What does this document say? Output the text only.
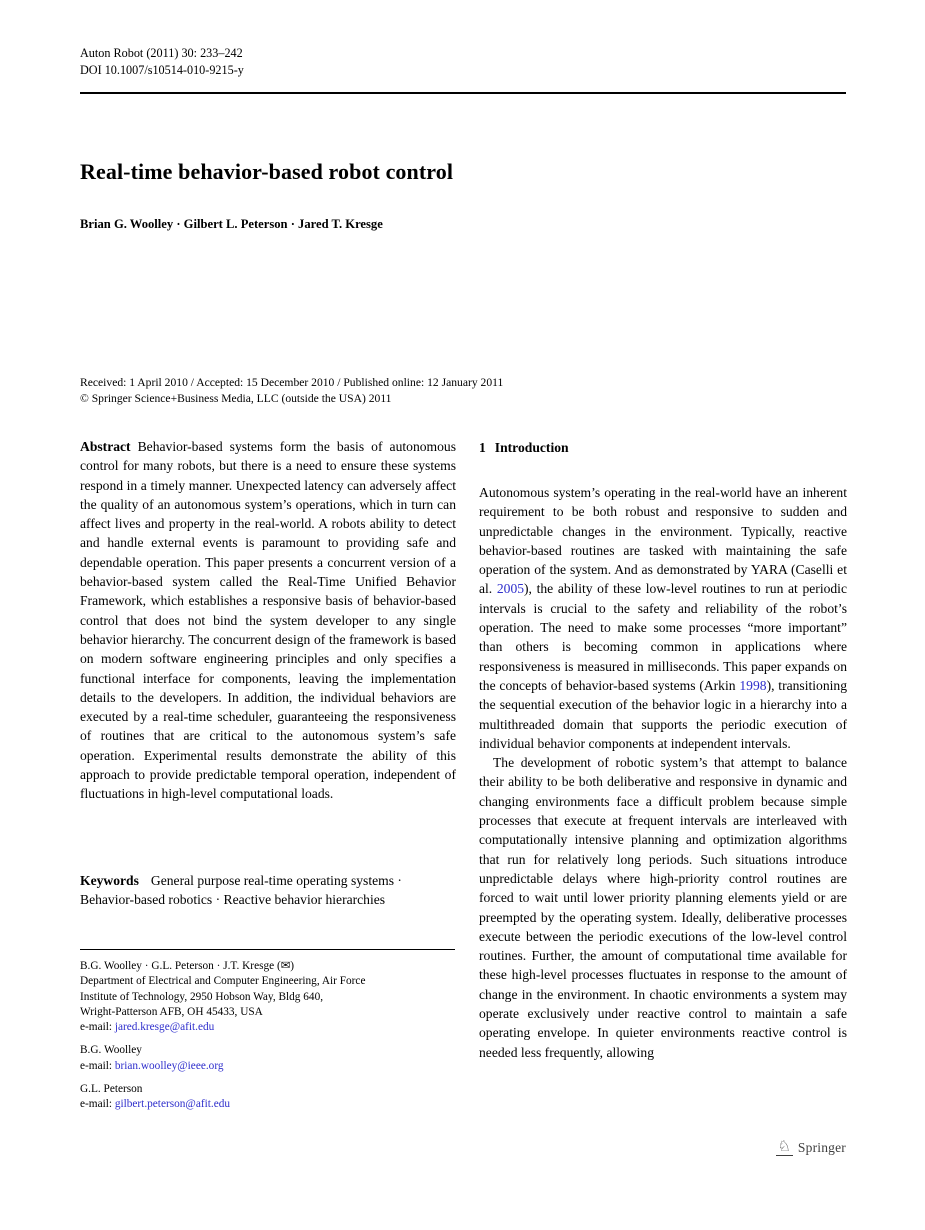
Auton Robot (2011) 30: 233–242
DOI 10.1007/s10514-010-9215-y
Real-time behavior-based robot control
Brian G. Woolley · Gilbert L. Peterson · Jared T. Kresge
Received: 1 April 2010 / Accepted: 15 December 2010 / Published online: 12 January 2011
© Springer Science+Business Media, LLC (outside the USA) 2011

Abstract Behavior-based systems form the basis of autonomous control for many robots, but there is a need to ensure these systems respond in a timely manner. Unexpected latency can adversely affect the quality of an autonomous system’s operations, which in turn can affect lives and property in the real-world. A robots ability to detect and handle external events is paramount to providing safe and dependable operation. This paper presents a concurrent version of a behavior-based system called the Real-Time Unified Behavior Framework, which establishes a responsive basis of behavior-based control that does not bind the system developer to any single behavior hierarchy. The concurrent design of the framework is based on modern software engineering principles and only specifies a functional interface for components, leaving the implementation details to the developers. In addition, the individual behaviors are executed by a real-time scheduler, guaranteeing the responsiveness of routines that are critical to the autonomous system’s safe operation. Experimental results demonstrate the ability of this approach to provide predictable temporal operation, independent of fluctuations in high-level computational loads.

Keywords General purpose real-time operating systems · Behavior-based robotics · Reactive behavior hierarchies

B.G. Woolley · G.L. Peterson · J.T. Kresge (✉)
Department of Electrical and Computer Engineering, Air Force
Institute of Technology, 2950 Hobson Way, Bldg 640,
Wright-Patterson AFB, OH 45433, USA
e-mail: jared.kresge@afit.edu
B.G. Woolley
e-mail: brian.woolley@ieee.org
G.L. Peterson
e-mail: gilbert.peterson@afit.edu
1 Introduction

Autonomous system’s operating in the real-world have an inherent requirement to be both robust and responsive to sudden and unpredictable changes in the environment. Typically, reactive behavior-based routines are tasked with maintaining the safe operation of the system. And as demonstrated by YARA (Caselli et al. 2005), the ability of these low-level routines to run at periodic intervals is crucial to the safety and reliability of the robot’s operation. The need to make some processes “more important” than others is becoming common in applications where responsiveness is measured in milliseconds. This paper expands on the concepts of behavior-based systems (Arkin 1998), transitioning the sequential execution of the behavior logic in a hierarchy into a multithreaded domain that supports the periodic execution of individual behavior components at independent intervals.

The development of robotic system’s that attempt to balance their ability to be both deliberative and responsive in dynamic and changing environments face a difficult problem because simple processes that execute at frequent intervals are interleaved with computationally intensive planning and optimization algorithms that run for relatively long periods. Such situations introduce unpredictable delays where high-priority control routines are forced to wait until lower priority planning elements yield or are preempted by the operating system. Ideally, deliberative processes execute between the periodic executions of the low-level control routines. Further, the amount of computational time available for these high-level processes fluctuates in response to the amount of change in the environment. In chaotic environments a system may operate exclusively under reactive control to maintain a safe operating envelope. In quieter environments reactive control is needed less frequently, allowing

♘ Springer
